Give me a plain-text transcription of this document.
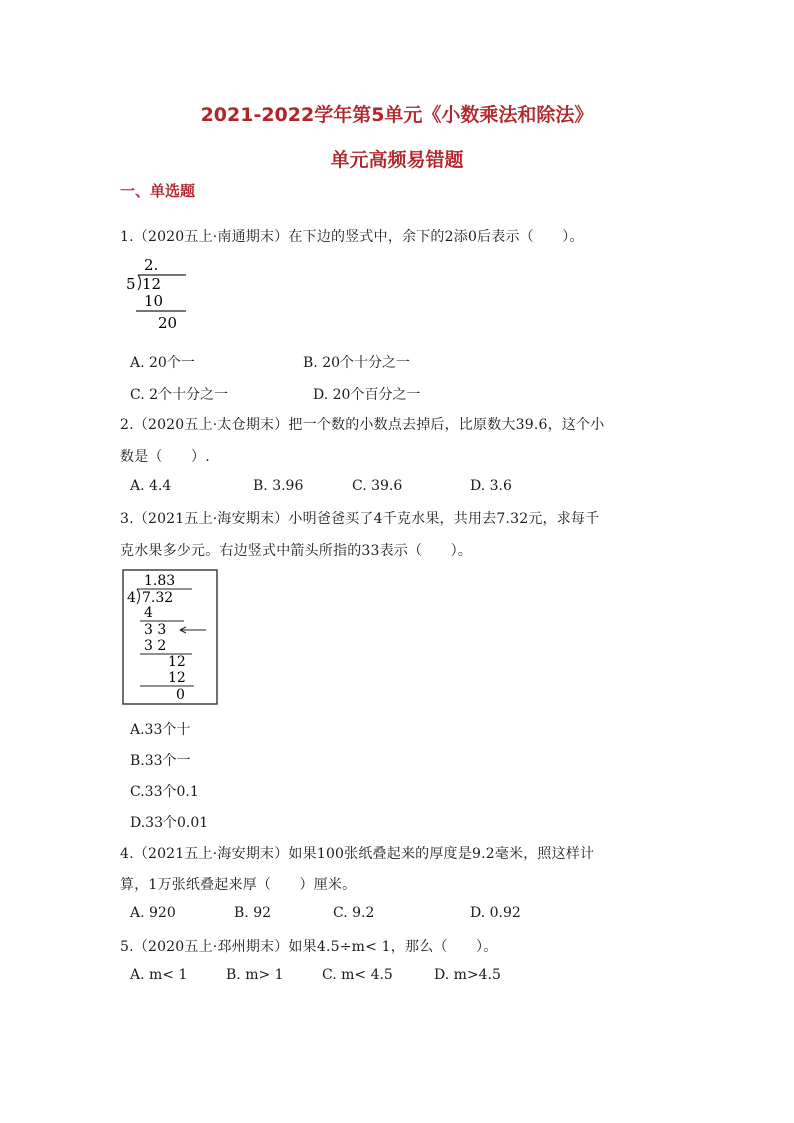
2021-2022学年第5单元《小数乘法和除法》
单元高频易错题
一、单选题
1.（2020五上·南通期末）在下边的竖式中，余下的2添0后表示（　　）。
2.
5 12
10
20
A. 20个一	B. 20个十分之一
C. 2个十分之一	D. 20个百分之一
2.（2020五上·太仓期末）把一个数的小数点去掉后，比原数大39.6，这个小
数是（　　）.
A. 4.4	B. 3.96	C. 39.6	D. 3.6
3.（2021五上·海安期末）小明爸爸买了4千克水果，共用去7.32元，求每千
克水果多少元。右边竖式中箭头所指的33表示（　　）。
1.83
4 7.32
4
3 3
3 2
12
12
0
A.33个十
B.33个一
C.33个0.1
D.33个0.01
4.（2021五上·海安期末）如果100张纸叠起来的厚度是9.2毫米，照这样计
算，1万张纸叠起来厚（　　）厘米。
A. 920	B. 92	C. 9.2	D. 0.92
5.（2020五上·邳州期末）如果4.5÷m< 1，那么（　　）。
A. m< 1	B. m> 1	C. m< 4.5	D. m>4.5
